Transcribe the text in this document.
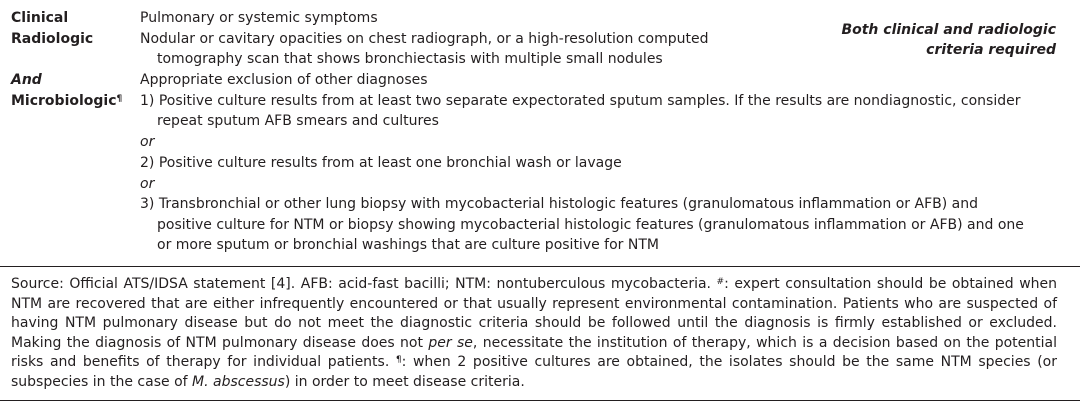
Clinical
Radiologic
And
Microbiologic¶
Pulmonary or systemic symptoms
Nodular or cavitary opacities on chest radiograph, or a high-resolution computed
tomography scan that shows bronchiectasis with multiple small nodules
Appropriate exclusion of other diagnoses
1) Positive culture results from at least two separate expectorated sputum samples. If the results are nondiagnostic, consider
repeat sputum AFB smears and cultures
or
2) Positive culture results from at least one bronchial wash or lavage
or
3) Transbronchial or other lung biopsy with mycobacterial histologic features (granulomatous inflammation or AFB) and
positive culture for NTM or biopsy showing mycobacterial histologic features (granulomatous inflammation or AFB) and one
or more sputum or bronchial washings that are culture positive for NTM
Both clinical and radiologic
criteria required
Source: Official ATS/IDSA statement [4]. AFB: acid-fast bacilli; NTM: nontuberculous mycobacteria. #: expert consultation should be obtained when NTM are recovered that are either infrequently encountered or that usually represent environmental contamination. Patients who are suspected of having NTM pulmonary disease but do not meet the diagnostic criteria should be followed until the diagnosis is firmly established or excluded. Making the diagnosis of NTM pulmonary disease does not per se, necessitate the institution of therapy, which is a decision based on the potential risks and benefits of therapy for individual patients. ¶: when 2 positive cultures are obtained, the isolates should be the same NTM species (or subspecies in the case of M. abscessus) in order to meet disease criteria.
